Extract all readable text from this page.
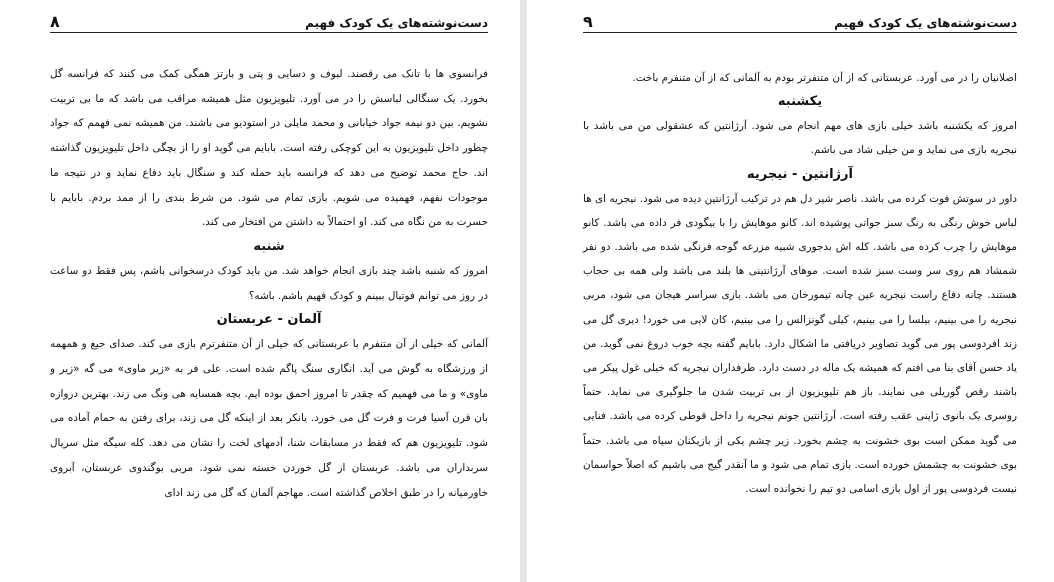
۸	دست‌نوشته‌های یک کودک فهیم

فرانسوی ها با تانک می رقصند. لبوف و دسایی و پتی و بارتز همگی کمک می کنند که فرانسه گل بخورد. یک سنگالی لباسش را در می آورد. تلیویزیون مثل همیشه مراقب می باشد که ما بی تربیت نشویم. بین دو نیمه جواد خیابانی و محمد مایلی در استودیو می باشند. من همیشه نمی فهمم که جواد چطور داخل تلیویزیون به این کوچکی رفته است. بابایم می گوید او را از بچگی داخل تلیویزیون گذاشته اند. حاج محمد توضیح می دهد که فرانسه باید حمله کند و سنگال باید دفاع نماید و در نتیجه ما موجودات نفهم، فهمیده می شویم. بازی تمام می شود. من شرط بندی را از ممد بردم. بابایم با حسرت به من نگاه می کند. او احتمالاً به داشتن من افتخار می کند.

شنبه

امروز که شنبه باشد چند بازی انجام خواهد شد. من باید کودک درسخوانی باشم، پس فقط دو ساعت در روز می توانم فوتبال ببینم و کودک فهیم باشم. باشه؟

آلمان - عربستان

آلمانی که خیلی از آن متنفرم با عربستانی که خیلی از آن متنفرترم بازی می کند. صدای جیغ و همهمه از ورزشگاه به گوش می آید. انگاری سنگ پاگم شده است. علی فر به «زیر ماوی» می گه «زیر و ماوی» و ما می فهمیم که چقدر تا امروز احمق بوده ایم. بچه همسایه هی ونگ می زند. بهترین دروازه بان قرن آسیا فرت و فرت گل می خورد. یانکر بعد از اینکه گل می زند، برای رفتن به حمام آماده می شود. تلیویزیون هم که فقط در مسابقات شنا، آدمهای لخت را نشان می دهد. کله سیگه مثل سریال سربداران می باشد. عربستان از گل خوردن خسته نمی شود. مربی بوگندوی عربستان، آبروی خاورمیانه را در طبق اخلاص گذاشته است. مهاجم آلمان که گل می زند ادای

۹	دست‌نوشته‌های یک کودک فهیم

اصلانیان را در می آورد. عربستانی که از آن متنفرتر بودم به آلمانی که از آن متنفرم باخت.

یکشنبه

امروز که یکشنبه باشد خیلی بازی های مهم انجام می شود. آرژانتین که عشقولی من می باشد با نیجریه بازی می نماید و من خیلی شاد می باشم.

آرژانتین - نیجریه

داور در سوتش فوت کرده می باشد. ناصر شیر دل هم در ترکیب آرژانتین دیده می شود. نیجریه ای ها لباس خوش رنگی به رنگ سبز جواتی پوشیده اند. کانو موهایش را با بیگودی فر داده می باشد. کانو موهایش را چرب کرده می باشد. کله اش بدجوری شبیه مزرعه گوجه فرنگی شده می باشد. دو نفر شمشاد هم روی سر وست سبز شده است. موهای آرژانتینی ها بلند می باشد ولی همه بی حجاب هستند. چانه دفاع راست نیجریه عین چانه تیمورخان می باشد. بازی سراسر هیجان می شود، مربی نیجریه را می بینیم، بیلسا را می بینیم، کیلی گونزالس را می بینیم، کان لایی می خورد! دیری گل می زند افردوسی پور می گوید تصاویر دریافتی ما اشکال دارد. بابایم گفته بچه خوب دروغ نمی گوید. من یاد حسن آقای بنا می افتم که همیشه یک ماله در دست دارد. طرفداران نیجریه که خیلی غول پیکر می باشند رقص گوریلی می نمایند. باز هم تلیویزیون از بی تربیت شدن ما جلوگیری می نماید. حتماً روسری یک بانوی ژاپنی عقب رفته است. آرژانتین جونم نیجریه را داخل قوطی کرده می باشد. فنایی می گوید ممکن است بوی خشونت به چشم بخورد. زیر چشم یکی از بازیکنان سیاه می باشد. حتماً بوی خشونت به چشمش خورده است. بازی تمام می شود و ما آنقدر گیج می باشیم که اصلاً حواسمان نیست فردوسی پور از اول بازی اسامی دو تیم را نخوانده است.
